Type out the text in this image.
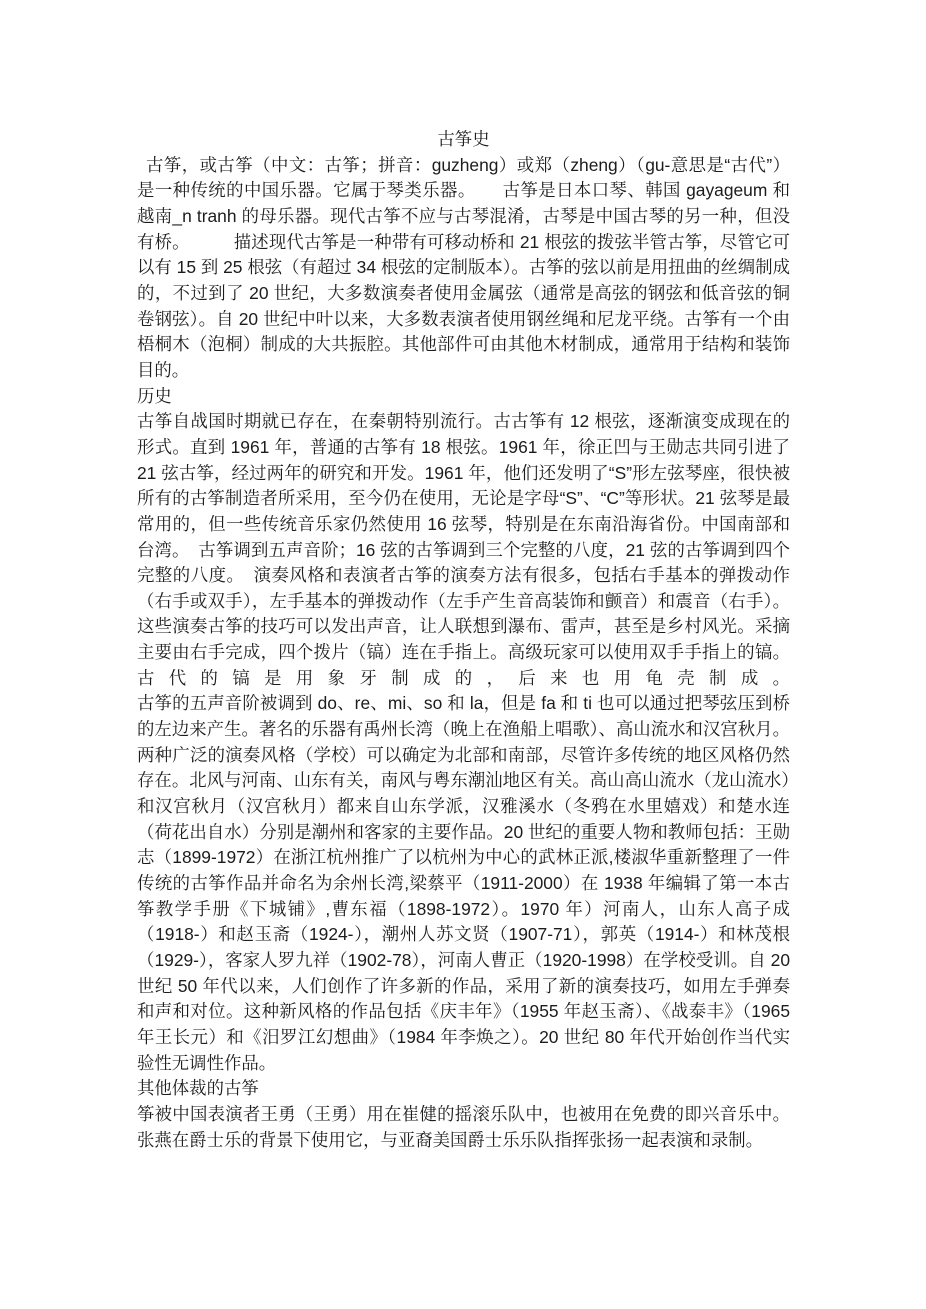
古筝史
古筝，或古筝（中文：古筝；拼音：guzheng）或郑（zheng）（gu-意思是“古代”）是一种传统的中国乐器。它属于琴类乐器。　　古筝是日本口琴、韩国 gayageum 和越南_n tranh 的母乐器。现代古筝不应与古琴混淆，古琴是中国古琴的另一种，但没有桥。　　　描述现代古筝是一种带有可移动桥和 21 根弦的拨弦半管古筝，尽管它可以有 15 到 25 根弦（有超过 34 根弦的定制版本）。古筝的弦以前是用扭曲的丝绸制成的，不过到了 20 世纪，大多数演奏者使用金属弦（通常是高弦的钢弦和低音弦的铜卷钢弦）。自 20 世纪中叶以来，大多数表演者使用钢丝绳和尼龙平绕。古筝有一个由梧桐木（泡桐）制成的大共振腔。其他部件可由其他木材制成，通常用于结构和装饰目的。
历史
古筝自战国时期就已存在，在秦朝特别流行。古古筝有 12 根弦，逐渐演变成现在的形式。直到 1961 年，普通的古筝有 18 根弦。1961 年，徐正凹与王勋志共同引进了 21 弦古筝，经过两年的研究和开发。1961 年，他们还发明了“S”形左弦琴座，很快被所有的古筝制造者所采用，至今仍在使用，无论是字母“S”、“C”等形状。21 弦琴是最常用的，但一些传统音乐家仍然使用 16 弦琴，特别是在东南沿海省份。中国南部和台湾。　古筝调到五声音阶；16 弦的古筝调到三个完整的八度，21 弦的古筝调到四个完整的八度。　演奏风格和表演者古筝的演奏方法有很多，包括右手基本的弹拨动作（右手或双手），左手基本的弹拨动作（左手产生音高装饰和颤音）和震音（右手）。这些演奏古筝的技巧可以发出声音，让人联想到瀑布、雷声，甚至是乡村风光。采摘主要由右手完成，四个拨片（镐）连在手指上。高级玩家可以使用双手手指上的镐。古代的镐是用象牙制成的，后来也用龟壳制成。
古筝的五声音阶被调到 do、re、mi、so 和 la，但是 fa 和 ti 也可以通过把琴弦压到桥的左边来产生。著名的乐器有禹州长湾（晚上在渔船上唱歌）、高山流水和汉宫秋月。
两种广泛的演奏风格（学校）可以确定为北部和南部，尽管许多传统的地区风格仍然存在。北风与河南、山东有关，南风与粤东潮汕地区有关。高山高山流水（龙山流水）和汉宫秋月（汉宫秋月）都来自山东学派，汉雅溪水（冬鸦在水里嬉戏）和楚水连（荷花出自水）分别是潮州和客家的主要作品。20 世纪的重要人物和教师包括：王勋志（1899-1972）在浙江杭州推广了以杭州为中心的武林正派,楼淑华重新整理了一件传统的古筝作品并命名为余州长湾,梁蔡平（1911-2000）在 1938 年编辑了第一本古筝教学手册《下城铺》,曹东福（1898-1972）。1970 年）河南人，山东人高子成（1918-）和赵玉斋（1924-），潮州人苏文贤（1907-71），郭英（1914-）和林茂根（1929-），客家人罗九祥（1902-78），河南人曹正（1920-1998）在学校受训。自 20 世纪 50 年代以来，人们创作了许多新的作品，采用了新的演奏技巧，如用左手弹奏和声和对位。这种新风格的作品包括《庆丰年》（1955 年赵玉斋）、《战泰丰》（1965 年王长元）和《汨罗江幻想曲》（1984 年李焕之）。20 世纪 80 年代开始创作当代实验性无调性作品。
其他体裁的古筝
筝被中国表演者王勇（王勇）用在崔健的摇滚乐队中，也被用在免费的即兴音乐中。张燕在爵士乐的背景下使用它，与亚裔美国爵士乐乐队指挥张扬一起表演和录制。
